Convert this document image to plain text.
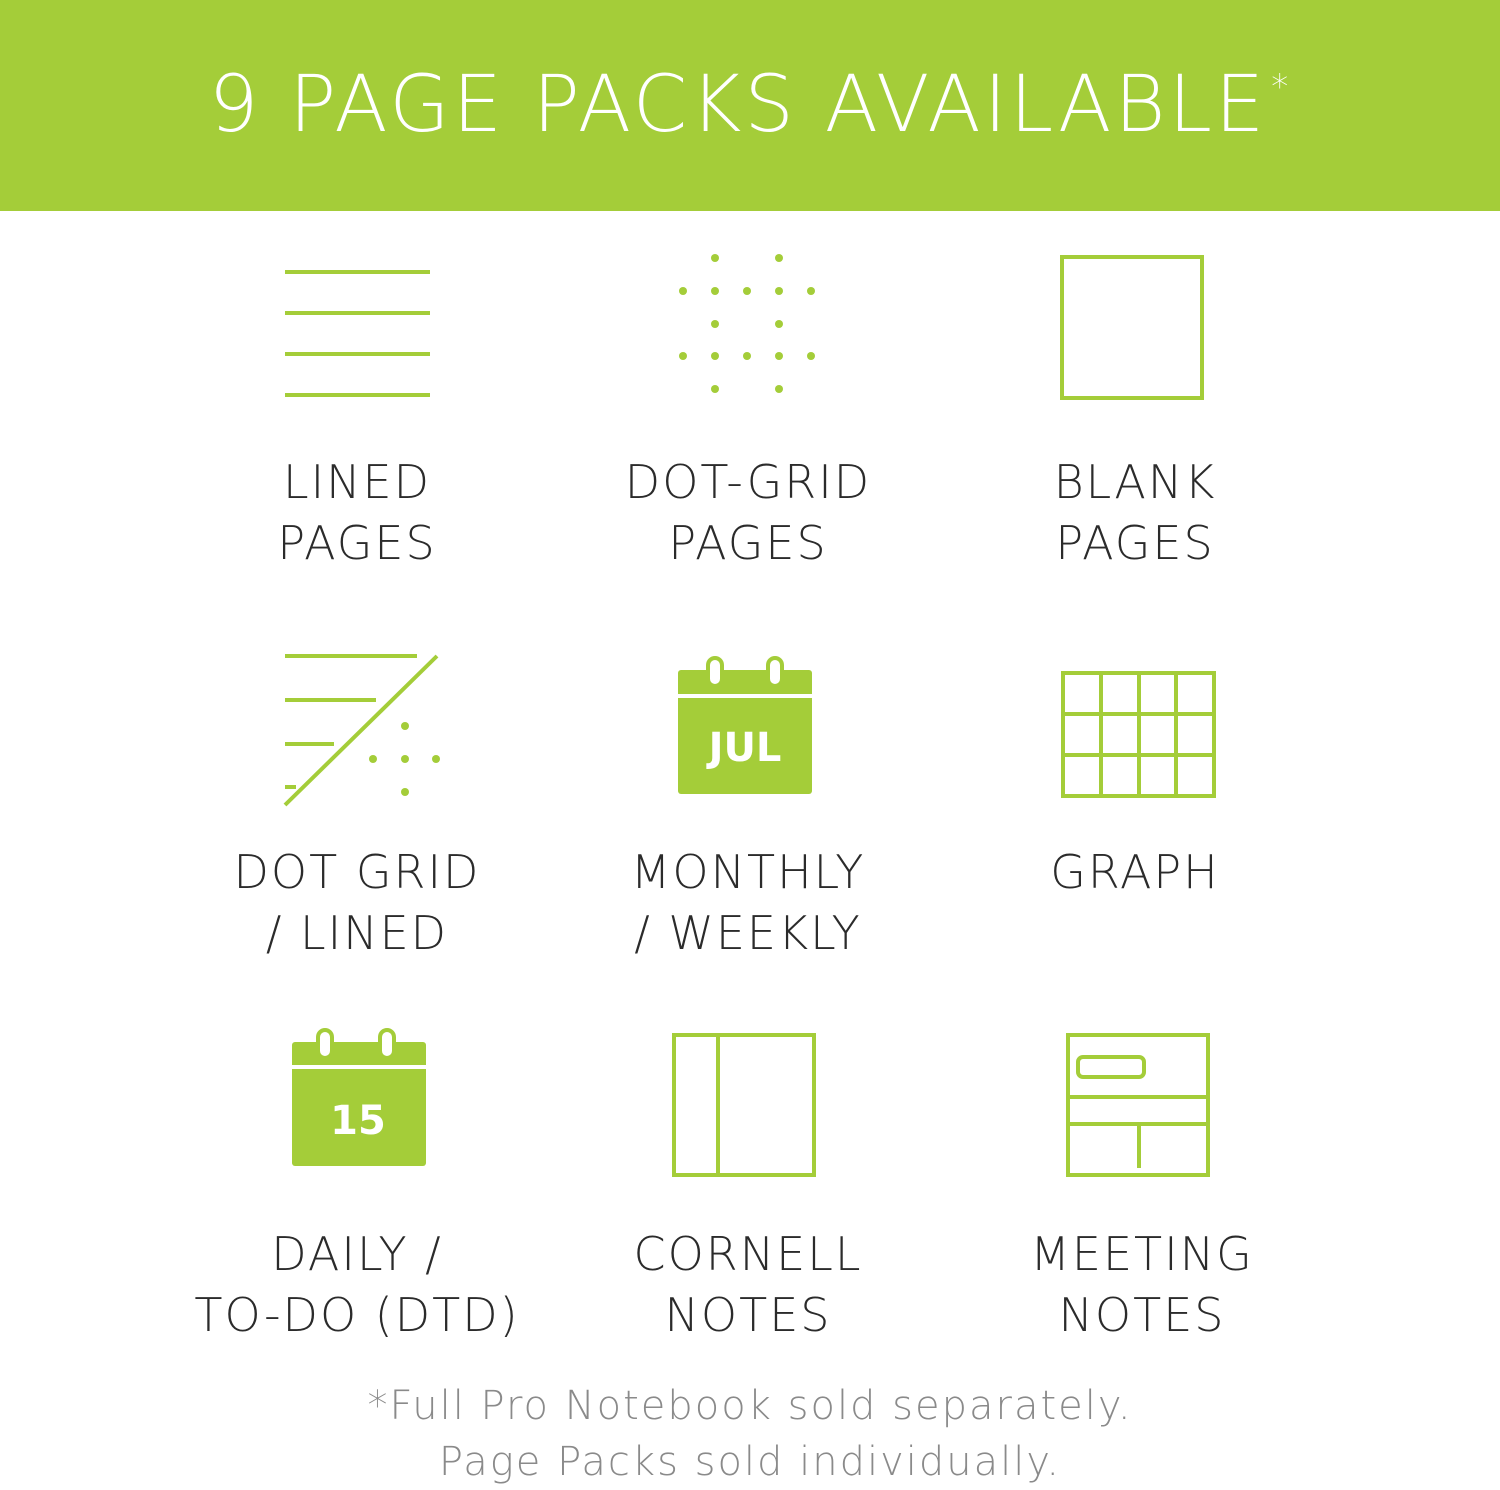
9 PAGE PACKS AVAILABLE *
LINED
PAGES
DOT-GRID
PAGES
BLANK
PAGES
DOT GRID
/ LINED
JUL
MONTHLY
/ WEEKLY
GRAPH
15
DAILY /
TO-DO (DTD)
CORNELL
NOTES
MEETING
NOTES
*Full Pro Notebook sold separately.
Page Packs sold individually.
